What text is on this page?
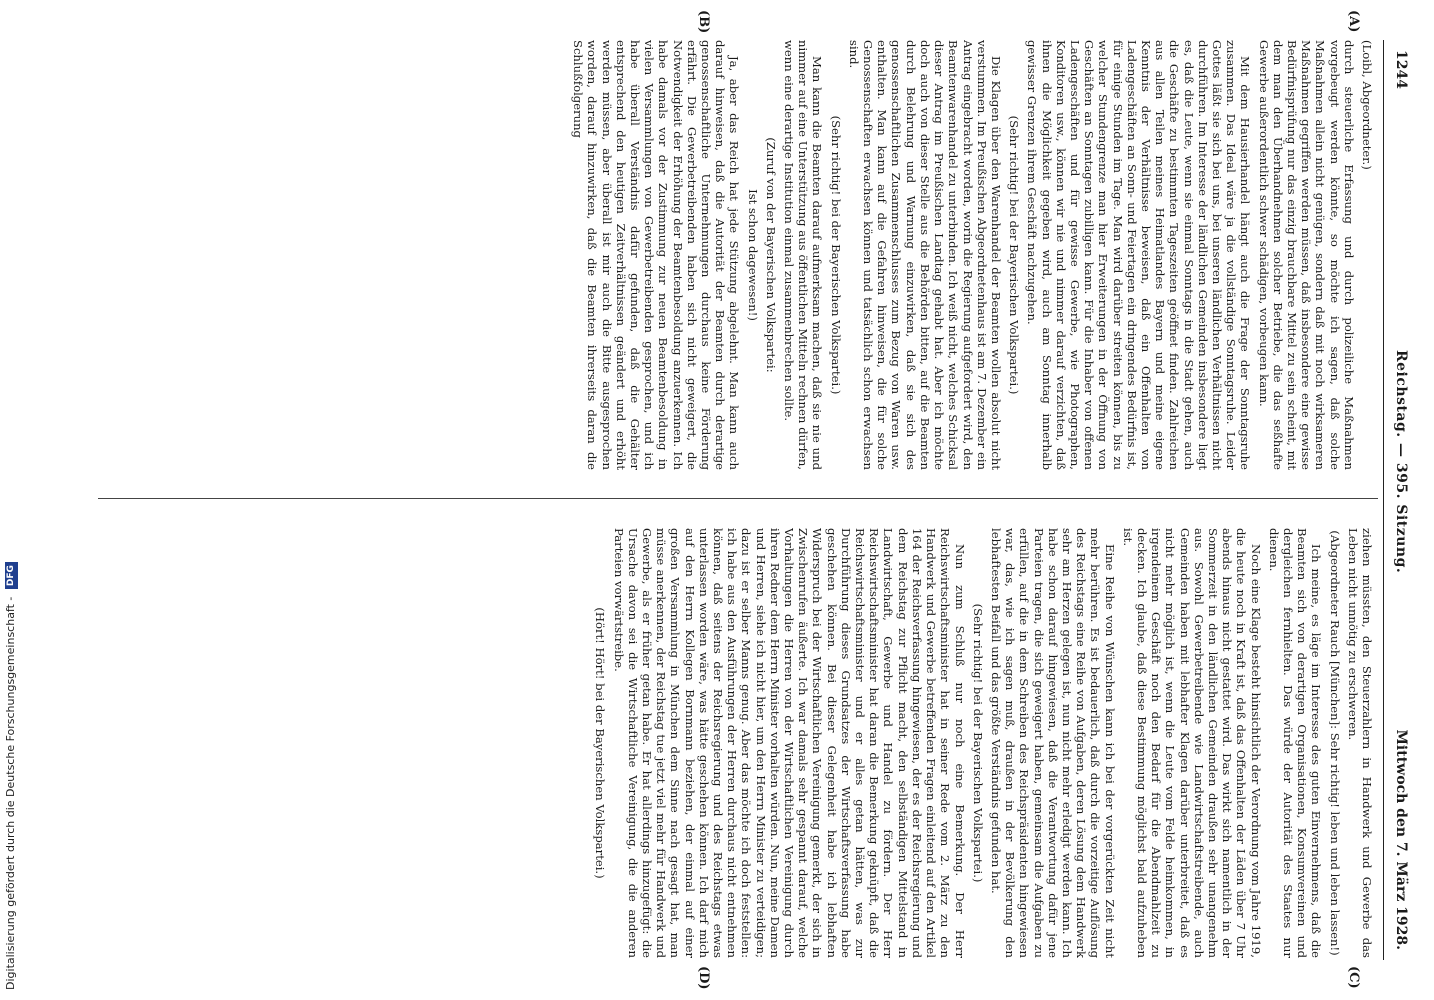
1244
Reichstag. — 395. Sitzung.
Mittwoch den 7. März 1928.
(A)
(B)
(C)
(D)

(Loibl, Abgeordneter.)

durch steuerliche Erfassung und durch polizeiliche Maßnahmen vorgebeugt werden könnte, so möchte ich sagen, daß solche Maßnahmen allein nicht genügen, sondern daß mit noch wirksameren Maßnahmen gegriffen werden müssen, daß insbesondere eine gewisse Bedürfnisprüfung nur das einzig brauchbare Mittel zu sein scheint, mit dem man den Überhandnehmen solcher Betriebe, die das seßhafte Gewerbe außerordentlich schwer schädigen, vorbeugen kann.

Mit dem Hausierhandel hängt auch die Frage der Sonntagsruhe zusammen. Das Ideal wäre ja die vollständige Sonntagsruhe. Leider Gottes läßt sie sich bei uns, bei unseren ländlichen Verhältnissen nicht durchführen. Im Interesse der ländlichen Gemeinden insbesondere liegt es, daß die Leute, wenn sie einmal Sonntags in die Stadt gehen, auch die Geschäfte zu bestimmten Tageszeiten geöffnet finden. Zahlreichen aus allen Teilen meines Heimatlandes Bayern und meine eigene Kenntnis der Verhältnisse beweisen, daß ein Offenhalten von Ladengeschäften an Sonn- und Feiertagen ein dringendes Bedürfnis ist, für einige Stunden im Tage. Man wird darüber streiten können, bis zu welcher Stundengrenze man hier Erweiterungen in der Öffnung von Geschäften an Sonntagen zubilligen kann. Für die Inhaber von offenen Ladengeschäften und für gewisse Gewerbe, wie Photographen, Konditoren usw., können wir nie und nimmer darauf verzichten, daß ihnen die Möglichkeit gegeben wird, auch am Sonntag innerhalb gewisser Grenzen ihrem Geschäft nachzugehen.

(Sehr richtig! bei der Bayerischen Volkspartei.)

Die Klagen über den Warenhandel der Beamten wollen absolut nicht verstummen. Im Preußischen Abgeordnetenhaus ist am 7. Dezember ein Antrag eingebracht worden, worin die Regierung aufgefordert wird, den Beamtenwarenhandel zu unterbinden. Ich weiß nicht, welches Schicksal dieser Antrag im Preußischen Landtag gehabt hat. Aber ich möchte doch auch von dieser Stelle aus die Behörden bitten, auf die Beamten durch Belehrung und Warnung einzuwirken, daß sie sich des genossenschaftlichen Zusammenschlusses zum Bezug von Waren usw. enthalten. Man kann auf die Gefahren hinweisen, die für solche Genossenschaften erwachsen können und tatsächlich schon erwachsen sind.

(Sehr richtig! bei der Bayerischen Volkspartei.)

Man kann die Beamten darauf aufmerksam machen, daß sie nie und nimmer auf eine Unterstützung aus öffentlichen Mitteln rechnen dürfen, wenn eine derartige Institution einmal zusammenbrechen sollte.

(Zuruf von der Bayerischen Volkspartei:

Ist schon dagewesen!)

Ja, aber das Reich hat jede Stützung abgelehnt. Man kann auch darauf hinweisen, daß die Autorität der Beamten durch derartige genossenschaftliche Unternehmungen durchaus keine Förderung erfährt. Die Gewerbetreibenden haben sich nicht geweigert, die Notwendigkeit der Erhöhung der Beamtenbesoldung anzuerkennen. Ich habe damals vor der Zustimmung zur neuen Beamtenbesoldung in vielen Versammlungen von Gewerbetreibenden gesprochen, und ich habe überall Verständnis dafür gefunden, daß die Gehälter entsprechend den heutigen Zeitverhältnissen geändert und erhöht werden müssen, aber überall ist mir auch die Bitte ausgesprochen worden, darauf hinzuwirken, daß die Beamten ihrerseits daran die Schlußfolgerung

ziehen müssten, den Steuerzahlern in Handwerk und Gewerbe das Leben nicht unnötig zu erschweren.

(Abgeordneter Rauch [München]: Sehr richtig! leben und leben lassen!)

Ich meine, es läge im Interesse des guten Einvernehmens, daß die Beamten sich von derartigen Organisationen, Konsumvereinen und dergleichen fernhielten. Das würde der Autorität des Staates nur dienen.

Noch eine Klage besteht hinsichtlich der Verordnung vom Jahre 1919, die heute noch in Kraft ist, daß das Offenhalten der Läden über 7 Uhr abends hinaus nicht gestattet wird. Das wirkt sich namentlich in der Sommerzeit in den ländlichen Gemeinden draußen sehr unangenehm aus. Sowohl Gewerbetreibende wie Landwirtschaftstreibende, auch Gemeinden haben mit lebhafter Klagen darüber unterbreitet, daß es nicht mehr möglich ist, wenn die Leute vom Felde heimkommen, in irgendeinem Geschäft noch den Bedarf für die Abendmahlzeit zu decken. Ich glaube, daß diese Bestimmung möglichst bald aufzuheben ist.

Eine Reihe von Wünschen kann ich bei der vorgerückten Zeit nicht mehr berühren. Es ist bedauerlich, daß durch die vorzeitige Auflösung des Reichstags eine Reihe von Aufgaben, deren Lösung dem Handwerk sehr am Herzen gelegen ist, nun nicht mehr erledigt werden kann. Ich habe schon darauf hingewiesen, daß die Verantwortung dafür jene Parteien tragen, die sich geweigert haben, gemeinsam die Aufgaben zu erfüllen, auf die in dem Schreiben des Reichspräsidenten hingewiesen war, das, wie ich sagen muß, draußen in der Bevölkerung den lebhaftesten Beifall und das größte Verständnis gefunden hat.

(Sehr richtig! bei der Bayerischen Volkspartei.)

Nun zum Schluß nur noch eine Bemerkung. Der Herr Reichswirtschaftsminister hat in seiner Rede vom 2. März zu den Handwerk und Gewerbe betreffenden Fragen einleitend auf den Artikel 164 der Reichsverfassung hingewiesen, der es der Reichsregierung und dem Reichstag zur Pflicht macht, den selbständigen Mittelstand in Landwirtschaft, Gewerbe und Handel zu fördern. Der Herr Reichswirtschaftsminister hat daran die Bemerkung geknüpft, daß die Reichswirtschaftsminister und er alles getan hätten, was zur Durchführung dieses Grundsatzes der Wirtschaftsverfassung habe geschehen können. Bei dieser Gelegenheit habe ich lebhaften Widerspruch bei der Wirtschaftlichen Vereinigung gemerkt, der sich in Zwischenrufen äußerte. Ich war damals sehr gespannt darauf, welche Vorhaltungen die Herren von der Wirtschaftlichen Vereinigung durch ihren Redner dem Herrn Minister vorhalten würden. Nun, meine Damen und Herren, siehe ich nicht hier, um den Herrn Minister zu verteidigen; dazu ist er selber Manns genug. Aber das möchte ich doch feststellen: ich habe aus den Ausführungen der Herren durchaus nicht entnehmen können, daß seitens der Reichsregierung und des Reichstags etwas unterlassen worden wäre, was hätte geschehen können. Ich darf mich auf den Herrn Kollegen Bornmann beziehen, der einmal auf einer großen Versammlung in München dem Sinne nach gesagt hat, man müsse anerkennen, der Reichstag tue jetzt viel mehr für Handwerk und Gewerbe, als er früher getan habe. Er hat allerdings hinzugefügt: die Ursache davon sei die Wirtschaftliche Vereinigung, die die anderen Parteien vorwärtstreibe.

(Hört! Hört! bei der Bayerischen Volkspartei.)

Digitalisierung gefördert durch die Deutsche Forschungsgemeinschaft - DFG
